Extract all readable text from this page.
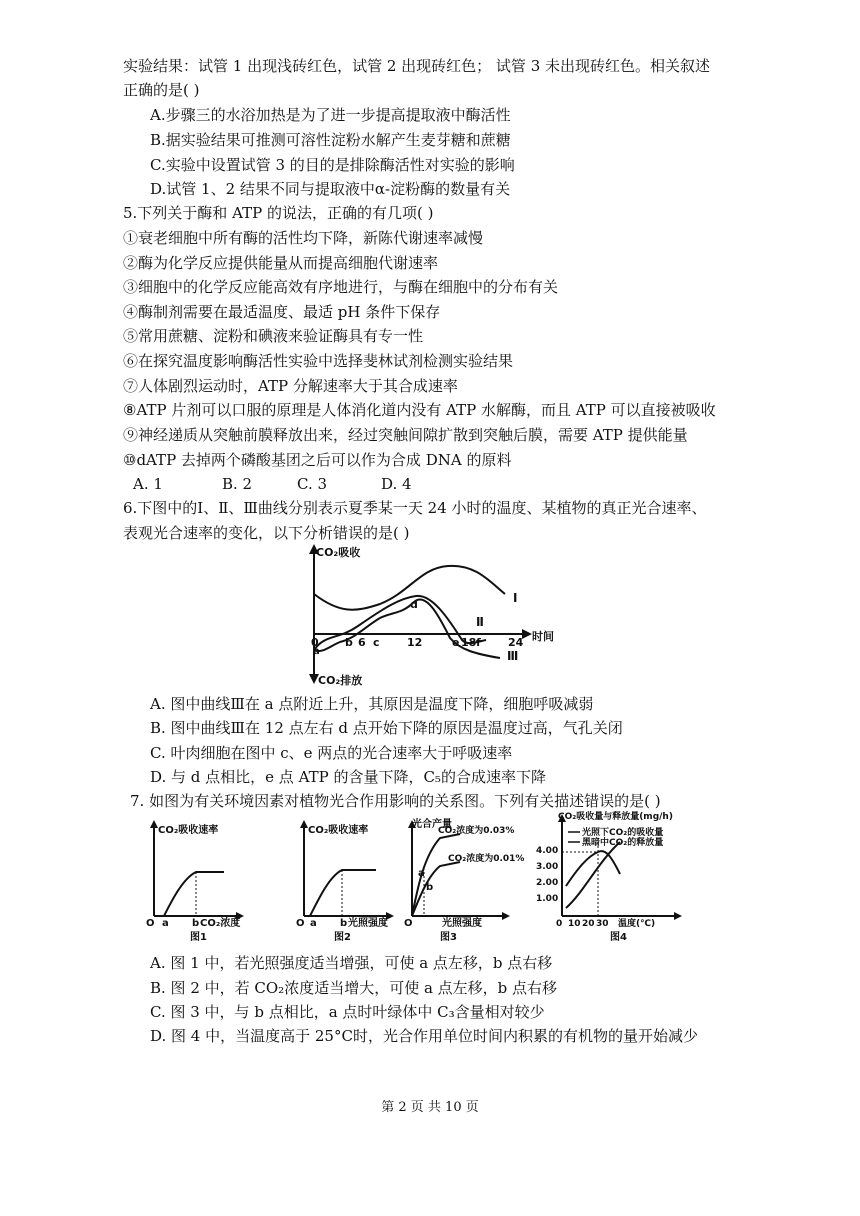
实验结果：试管 1 出现浅砖红色，试管 2 出现砖红色； 试管 3 未出现砖红色。相关叙述
正确的是( )
A.步骤三的水浴加热是为了进一步提高提取液中酶活性
B.据实验结果可推测可溶性淀粉水解产生麦芽糖和蔗糖
C.实验中设置试管 3 的目的是排除酶活性对实验的影响
D.试管 1、2 结果不同与提取液中α-淀粉酶的数量有关
5.下列关于酶和 ATP 的说法，正确的有几项( )
①衰老细胞中所有酶的活性均下降，新陈代谢速率减慢
②酶为化学反应提供能量从而提高细胞代谢速率
③细胞中的化学反应能高效有序地进行，与酶在细胞中的分布有关
④酶制剂需要在最适温度、最适 pH 条件下保存
⑤常用蔗糖、淀粉和碘液来验证酶具有专一性
⑥在探究温度影响酶活性实验中选择斐林试剂检测实验结果
⑦人体剧烈运动时，ATP 分解速率大于其合成速率
⑧ATP 片剂可以口服的原理是人体消化道内没有 ATP 水解酶，而且 ATP 可以直接被吸收
⑨神经递质从突触前膜释放出来，经过突触间隙扩散到突触后膜，需要 ATP 提供能量
⑩dATP 去掉两个磷酸基团之后可以作为合成 DNA 的原料
A. 1	B. 2	C. 3	D. 4
6.下图中的Ⅰ、Ⅱ、Ⅲ曲线分别表示夏季某一天 24 小时的温度、某植物的真正光合速率、
表观光合速率的变化，以下分析错误的是( )
CO₂吸收
CO₂排放
时间
0 b 6 c 12	e 18 f 24
Ⅰ
Ⅱ
Ⅲ
a
d
A. 图中曲线Ⅲ在 a 点附近上升，其原因是温度下降，细胞呼吸减弱
B. 图中曲线Ⅲ在 12 点左右 d 点开始下降的原因是温度过高，气孔关闭
C. 叶肉细胞在图中 c、e 两点的光合速率大于呼吸速率
D. 与 d 点相比，e 点 ATP 的含量下降，C₅的合成速率下降
7. 如图为有关环境因素对植物光合作用影响的关系图。下列有关描述错误的是( )
CO₂吸收速率
O a b CO₂浓度
图1
CO₂吸收速率
O a b 光照强度
图2
光合产量
CO₂浓度为0.03%
CO₂浓度为0.01%
O
a
b
光照强度
图3
CO₂吸收量与释放量(mg/h)
光照下CO₂的吸收量
黑暗中CO₂的释放量
4.00
3.00
2.00
1.00
0 10 20 30 温度(℃)
图4
A. 图 1 中，若光照强度适当增强，可使 a 点左移，b 点右移
B. 图 2 中，若 CO₂浓度适当增大，可使 a 点左移，b 点右移
C. 图 3 中，与 b 点相比，a 点时叶绿体中 C₃含量相对较少
D. 图 4 中，当温度高于 25°C时，光合作用单位时间内积累的有机物的量开始减少
第 2 页 共 10 页
